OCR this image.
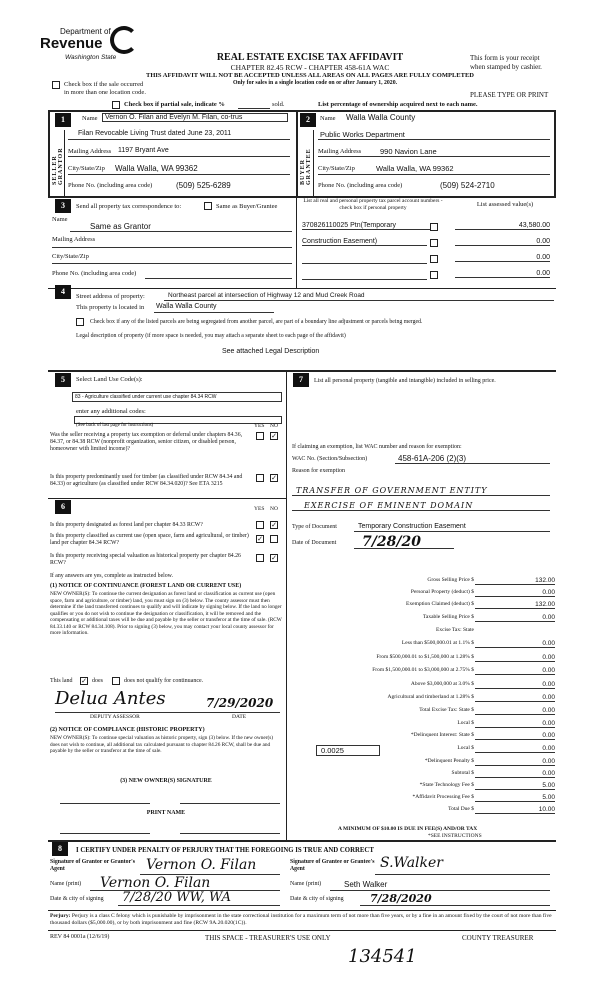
Department of
Revenue
Washington State	REAL ESTATE EXCISE TAX AFFIDAVIT
CHAPTER 82.45 RCW - CHAPTER 458-61A WAC
THIS AFFIDAVIT WILL NOT BE ACCEPTED UNLESS ALL AREAS ON ALL PAGES ARE FULLY COMPLETED
Only for sales in a single location code on or after January 1, 2020.
This form is your receipt
when stamped by cashier.
Check box if the sale occurred
in more than one location code.	PLEASE TYPE OR PRINT
Check box if partial sale, indicate %	sold.	List percentage of ownership acquired next to each name.
1
SELLER GRANTOR
Name	Vernon O. Filan and Evelyn M. Filan, co-trus
Filan Revocable Living Trust dated June 23, 2011
Mailing Address 1197 Bryant Ave
City/State/Zip Walla Walla, WA 99362
Phone No. (including area code)	(509) 525-6289
2
BUYER GRANTEE
Name Walla Walla County
Public Works Department
Mailing Address	990 Navion Lane
City/State/Zip	Walla Walla, WA 99362
Phone No. (including area code)	(509) 524-2710
3	Send all property tax correspondence to:	Same as Buyer/Grantee
List all real and personal property tax parcel account numbers - check box if personal property	List assessed value(s)
Name
Same as Grantor
Mailing Address
City/State/Zip
Phone No. (including area code)
370826110025 Ptn(Temporary	43,580.00
Construction Easement)	0.00
0.00
0.00
4
Street address of property:	Northeast parcel at intersection of Highway 12 and Mud Creek Road
This property is located in Walla Walla County
Check box if any of the listed parcels are being segregated from another parcel, are part of a boundary line adjustment or parcels being merged.
Legal description of property (if more space is needed, you may attach a separate sheet to each page of the affidavit)
See attached Legal Description
5	Select Land Use Code(s):
83 - Agriculture classified under current use chapter 84.34 RCW
enter any additional codes:
(See back of last page for instructions)	YES NO
Was the seller receiving a property tax exemption or deferral under chapters 84.36, 84.37, or 84.38 RCW (nonprofit organization, senior citizen, or disabled person, homeowner with limited income)?
✓
Is this property predominantly used for timber (as classified under RCW 84.34 and 84.33) or agriculture (as classified under RCW 84.34.020)? See ETA 3215
✓
6	YES NO
Is this property designated as forest land per chapter 84.33 RCW?	✓
Is this property classified as current use (open space, farm and agricultural, or timber) land per chapter 84.34 RCW?	✓
Is this property receiving special valuation as historical property per chapter 84.26 RCW?
✓
If any answers are yes, complete as instructed below.
(1) NOTICE OF CONTINUANCE (FOREST LAND OR CURRENT USE)
NEW OWNER(S): To continue the current designation as forest land or classification as current use (open space, farm and agriculture, or timber) land, you must sign on (3) below. The county assessor must then determine if the land transferred continues to qualify and will indicate by signing below. If the land no longer qualifies or you do not wish to continue the designation or classification, it will be removed and the compensating or additional taxes will be due and payable by the seller or transferor at the time of sale. (RCW 84.33.140 or RCW 84.34.108). Prior to signing (3) below, you may contact your local county assessor for more information.
This land ✓ does	does not qualify for continuance.
Delua Antes	7/29/2020
DEPUTY ASSESSOR	DATE
(2) NOTICE OF COMPLIANCE (HISTORIC PROPERTY)
NEW OWNER(S): To continue special valuation as historic property, sign (3) below. If the new owner(s) does not wish to continue, all additional tax calculated pursuant to chapter 84.26 RCW, shall be due and payable by the seller or transferor at the time of sale.
(3) NEW OWNER(S) SIGNATURE
PRINT NAME
7	List all personal property (tangible and intangible) included in selling price.
If claiming an exemption, list WAC number and reason for exemption:
WAC No. (Section/Subsection)	458-61A-206 (2)(3)
Reason for exemption
TRANSFER OF GOVERNMENT ENTITY
EXERCISE OF EMINENT DOMAIN
Type of Document	Temporary Construction Easement
Date of Document 7/28/20
Gross Selling Price $	132.00
Personal Property (deduct) $	0.00
Exemption Claimed (deduct) $	132.00
Taxable Selling Price $	0.00
Excise Tax: State
Less than $500,000.01 at 1.1% $	0.00
From $500,000.01 to $1,500,000 at 1.28% $	0.00
From $1,500,000.01 to $3,000,000 at 2.75% $	0.00
Above $3,000,000 at 3.0% $	0.00
Agricultural and timberland at 1.28% $	0.00
Total Excise Tax: State $	0.00
Local $	0.00
*Delinquent Interest: State $	0.00
Local $	0.00
*Delinquent Penalty $	0.00
Subtotal $	0.00
*State Technology Fee $	5.00
*Affidavit Processing Fee $	5.00
Total Due $	10.00
0.0025
A MINIMUM OF $10.00 IS DUE IN FEE(S) AND/OR TAX
*SEE INSTRUCTIONS
8	I CERTIFY UNDER PENALTY OF PERJURY THAT THE FOREGOING IS TRUE AND CORRECT
Signature of Grantor or Grantor's Agent	Vernon O. Filan	Signature of Grantee or Grantee's Agent	S.Walker
Name (print) Vernon O. Filan	Name (print)	Seth Walker
Date & city of signing 7/28/20 WW, WA	Date & city of signing 7/28/2020
Perjury: Perjury is a class C felony which is punishable by imprisonment in the state correctional institution for a maximum term of not more than five years, or by a fine in an amount fixed by the court of not more than five thousand dollars ($5,000.00), or by both imprisonment and fine (RCW 9A.20.020(1C)).
REV 84 0001a (12/6/19)	THIS SPACE - TREASURER'S USE ONLY	COUNTY TREASURER
134541
